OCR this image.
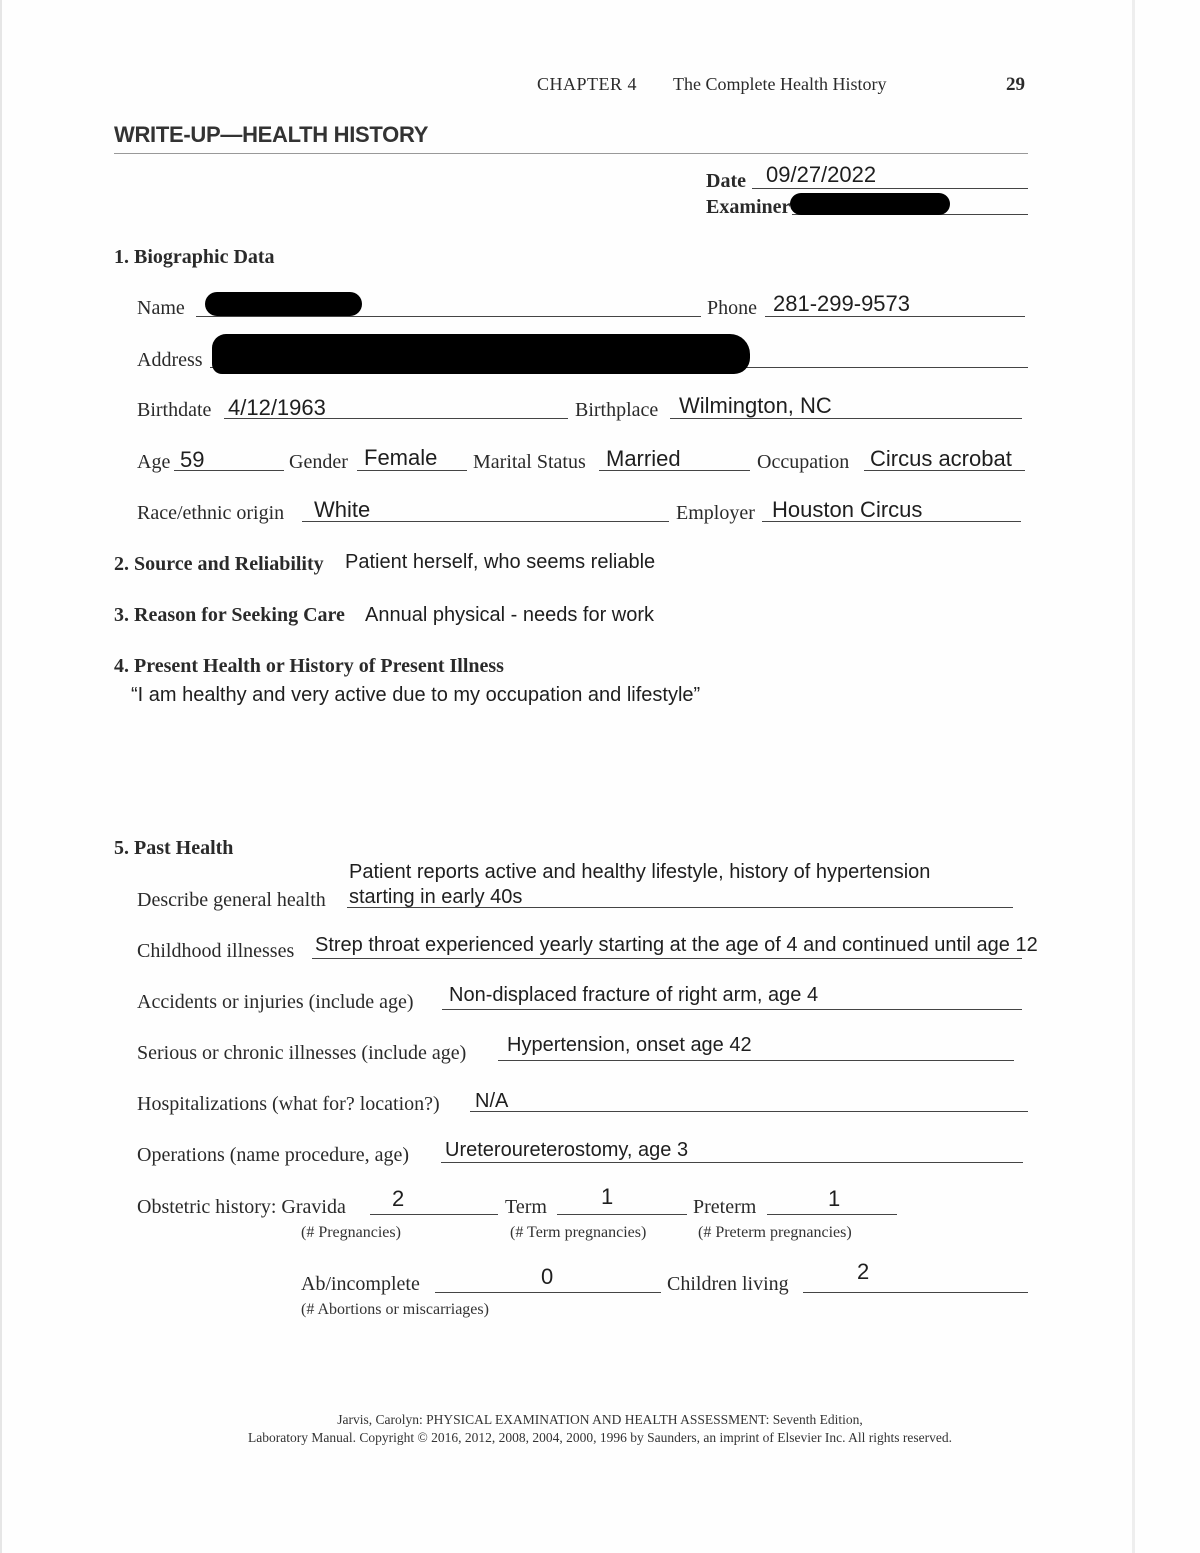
CHAPTER 4 The Complete Health History	29
WRITE-UP—HEALTH HISTORY
Date 09/27/2022
Examiner
1. Biographic Data
Name	Phone 281-299-9573
Address
Birthdate 4/12/1963	Birthplace Wilmington, NC
Age 59	Gender Female Marital Status Married	Occupation Circus acrobat
Race/ethnic origin White	Employer Houston Circus
2. Source and Reliability Patient herself, who seems reliable
3. Reason for Seeking Care Annual physical - needs for work
4. Present Health or History of Present Illness
“I am healthy and very active due to my occupation and lifestyle”
5. Past Health
Patient reports active and healthy lifestyle, history of hypertension
Describe general health starting in early 40s
Childhood illnesses Strep throat experienced yearly starting at the age of 4 and continued until age 12
Accidents or injuries (include age) Non-displaced fracture of right arm, age 4
Serious or chronic illnesses (include age) Hypertension, onset age 42
Hospitalizations (what for? location?) N/A
Operations (name procedure, age) Ureteroureterostomy, age 3
Obstetric history: Gravida 2
(# Pregnancies)
Term 1
(# Term pregnancies)
Preterm	1
(# Preterm pregnancies)
Ab/incomplete	0
(# Abortions or miscarriages)
Children living	2
Jarvis, Carolyn: PHYSICAL EXAMINATION AND HEALTH ASSESSMENT: Seventh Edition,
Laboratory Manual. Copyright © 2016, 2012, 2008, 2004, 2000, 1996 by Saunders, an imprint of Elsevier Inc. All rights reserved.
